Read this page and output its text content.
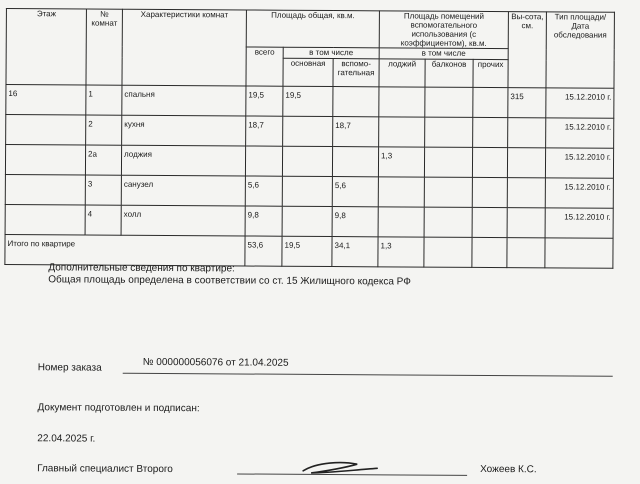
Этаж	№ комнат	Характеристики комнат	Площадь общая, кв.м.			Площадь помещений вспомогательного использования (с коэффициентом), кв.м.			Вы-сота, см.	Тип площади/ Дата обследования
			всего	в том числе		в том числе				
				основная	вспомо-гательная	лоджий	балконов	прочих		
16	1	спальня	19,5	19,5					315	15.12.2010 г.
	2	кухня	18,7		18,7					15.12.2010 г.
	2а	лоджия				1,3				15.12.2010 г.
	3	санузел	5,6		5,6					15.12.2010 г.
	4	холл	9,8		9,8					15.12.2010 г.
Итого по квартире			53,6	19,5	34,1	1,3				
Дополнительные сведения по квартире:
Общая площадь определена в соответствии со ст. 15 Жилищного кодекса РФ
Номер заказа	№ 000000056076 от 21.04.2025
Документ подготовлен и подписан:
22.04.2025 г.
Главный специалист Второго	Хожеев К.С.
